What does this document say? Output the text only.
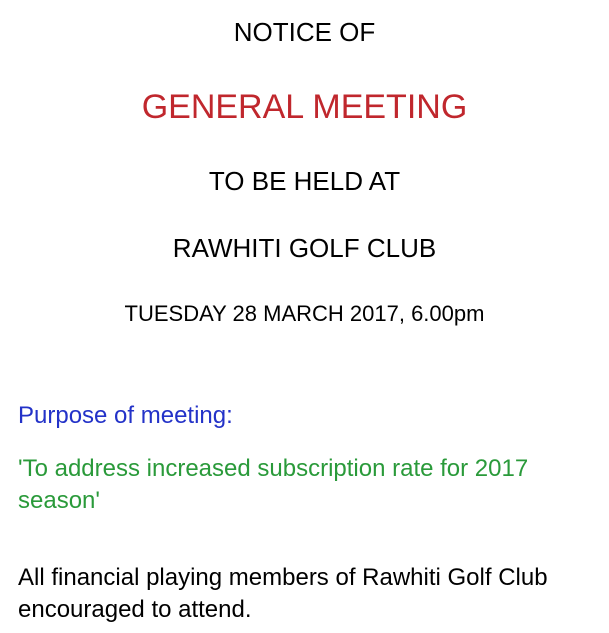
NOTICE OF

GENERAL MEETING

TO BE HELD AT

RAWHITI GOLF CLUB

TUESDAY 28 MARCH 2017, 6.00pm

Purpose of meeting:

'To address increased subscription rate for 2017 season'

All financial playing members of Rawhiti Golf Club encouraged to attend.
